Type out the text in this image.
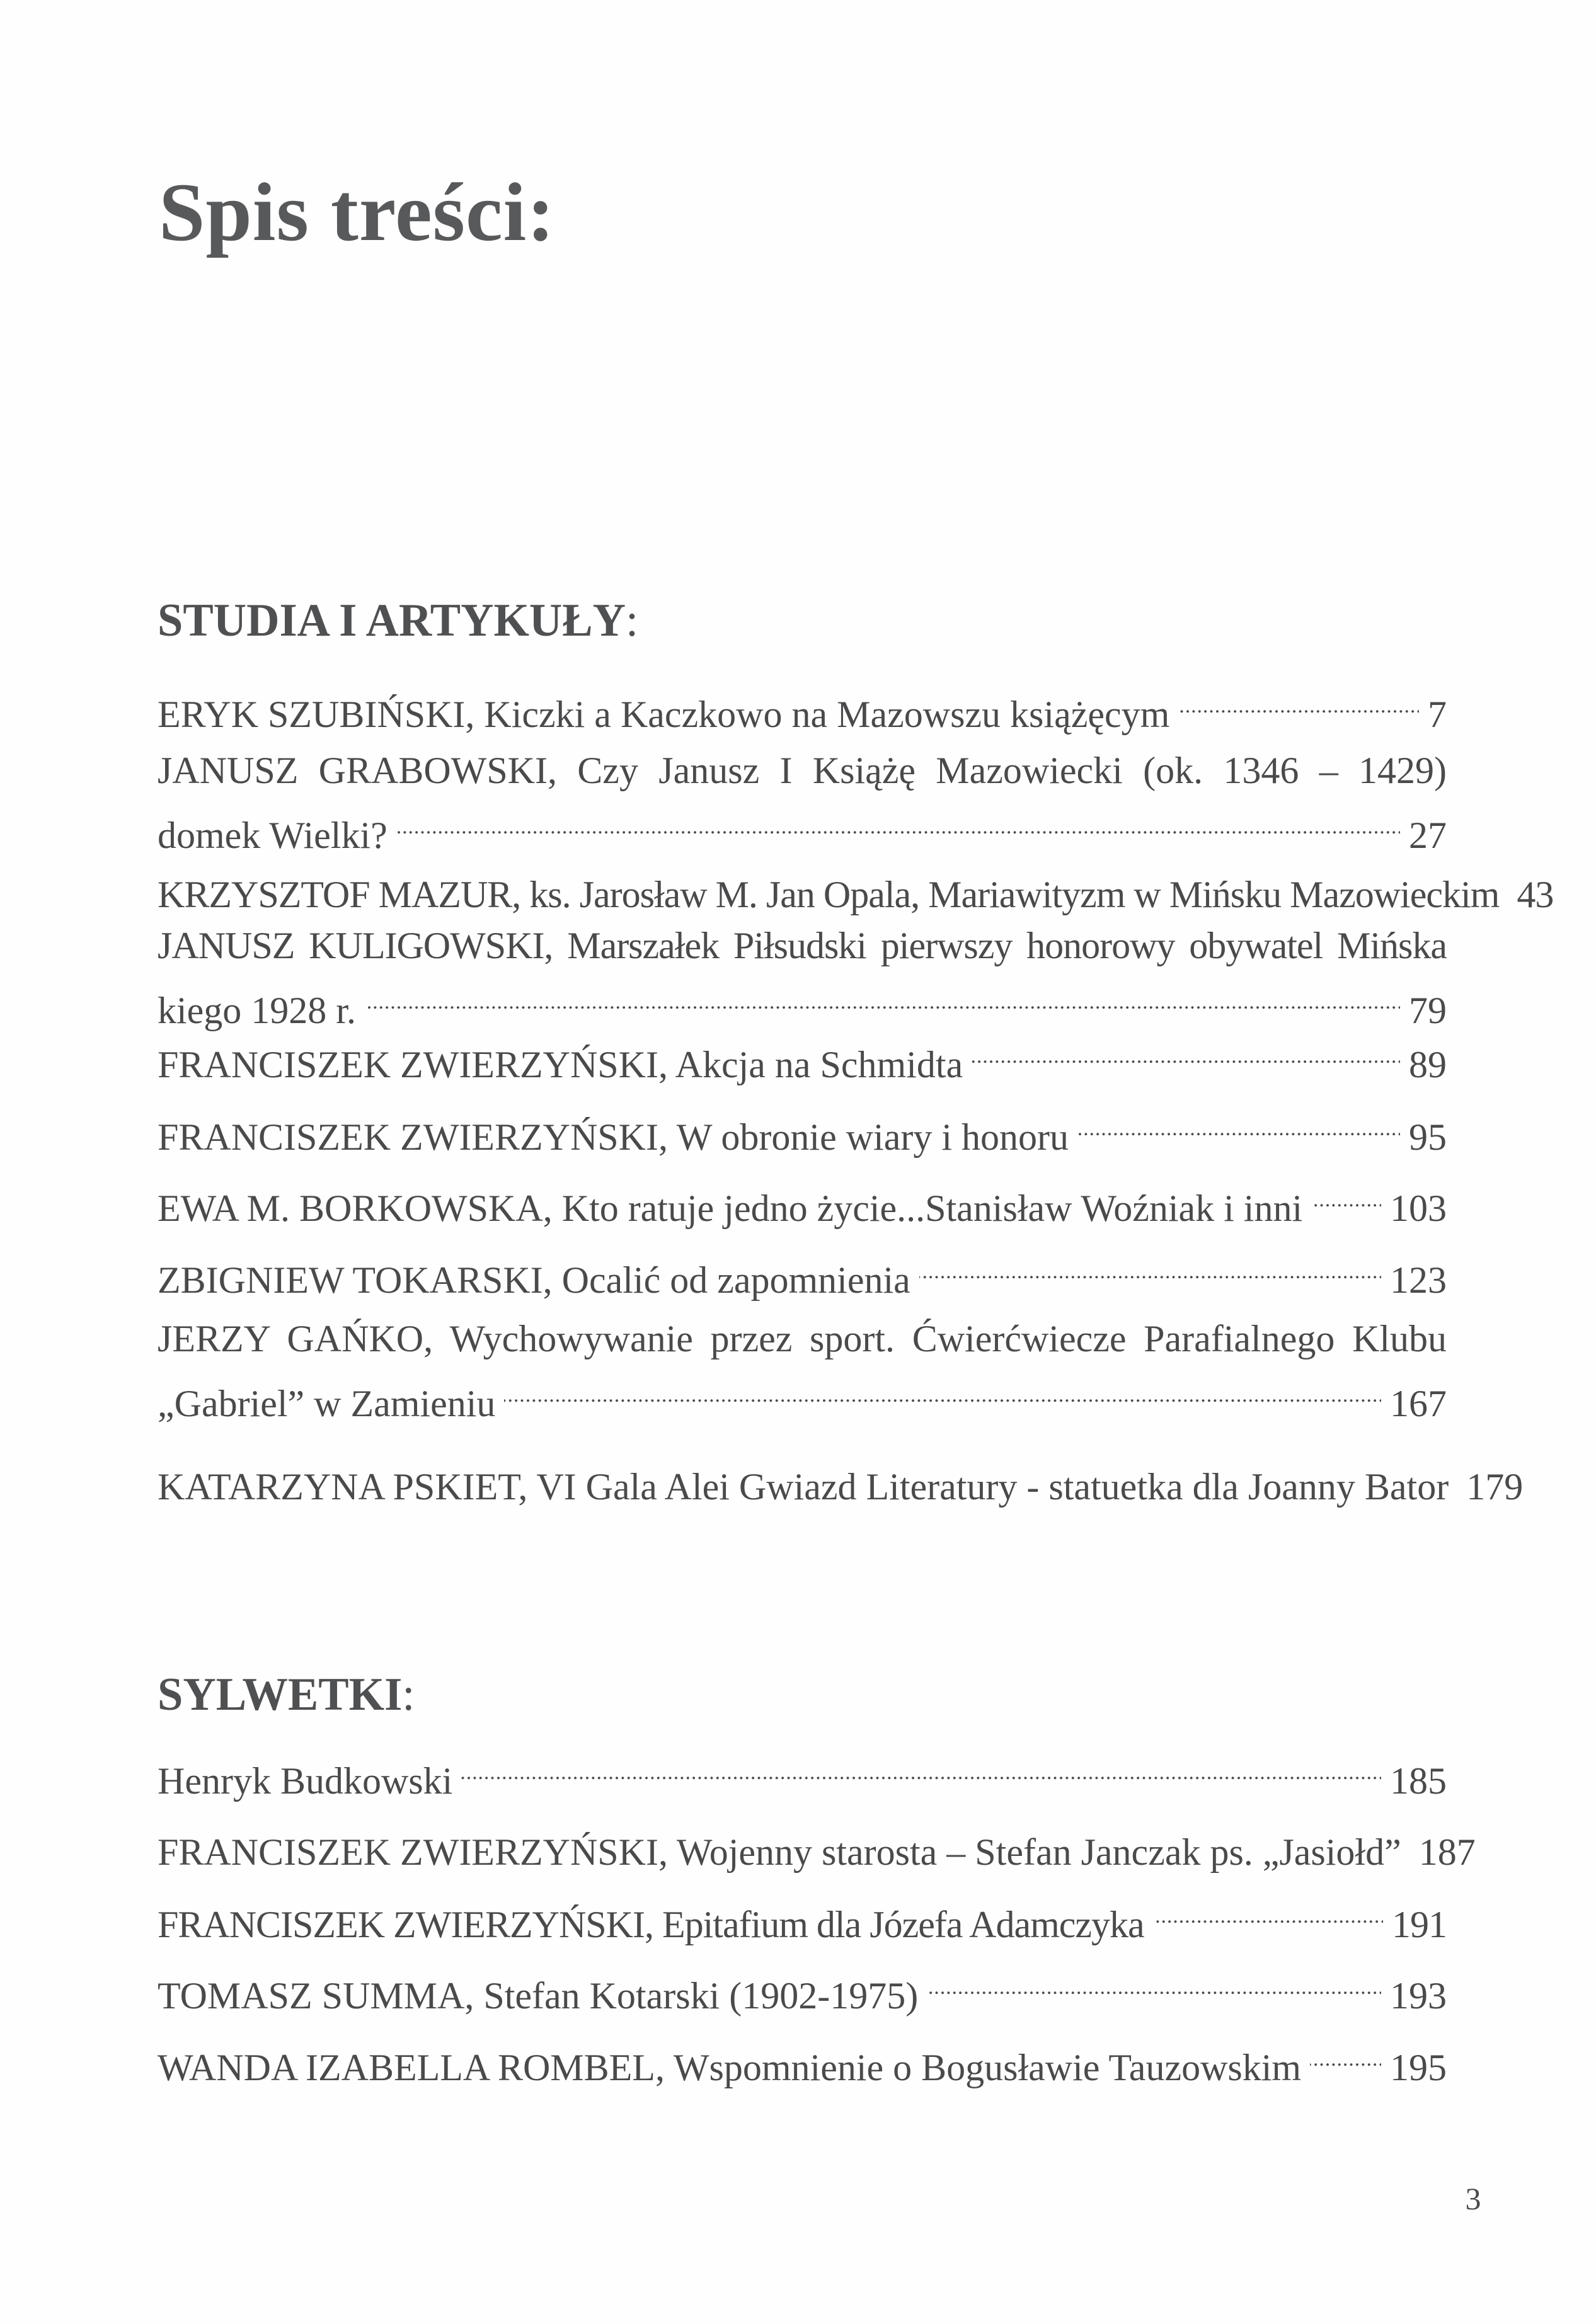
Spis treści:
STUDIA I ARTYKUŁY:
ERYK SZUBIŃSKI, Kiczki a Kaczkowo na Mazowszu książęcym . . .	7
JANUSZ GRABOWSKI, Czy Janusz I Książę Mazowiecki (ok. 1346 – 1429)
domek Wielki? . . .	27
KRZYSZTOF MAZUR, ks. Jarosław M. Jan Opala, Mariawityzm w Mińsku Mazowieckim 43
JANUSZ KULIGOWSKI, Marszałek Piłsudski pierwszy honorowy obywatel Mińska
kiego 1928 r. . . .	79
FRANCISZEK ZWIERZYŃSKI, Akcja na Schmidta . . .	89
FRANCISZEK ZWIERZYŃSKI, W obronie wiary i honoru . . .	95
EWA M. BORKOWSKA, Kto ratuje jedno życie...Stanisław Woźniak i inni . . . 103
ZBIGNIEW TOKARSKI, Ocalić od zapomnienia . . .	123
JERZY GAŃKO, Wychowywanie przez sport. Ćwierćwiecze Parafialnego Klubu
„Gabriel” w Zamieniu . . .	167
KATARZYNA PSKIET, VI Gala Alei Gwiazd Literatury - statuetka dla Joanny Bator 179
SYLWETKI:
Henryk Budkowski . . .	185
FRANCISZEK ZWIERZYŃSKI, Wojenny starosta – Stefan Janczak ps. „Jasiołd” 187
FRANCISZEK ZWIERZYŃSKI, Epitafium dla Józefa Adamczyka . . .	191
TOMASZ SUMMA, Stefan Kotarski (1902-1975) . . .	193
WANDA IZABELLA ROMBEL, Wspomnienie o Bogusławie Tauzowskim . . . 195
3
